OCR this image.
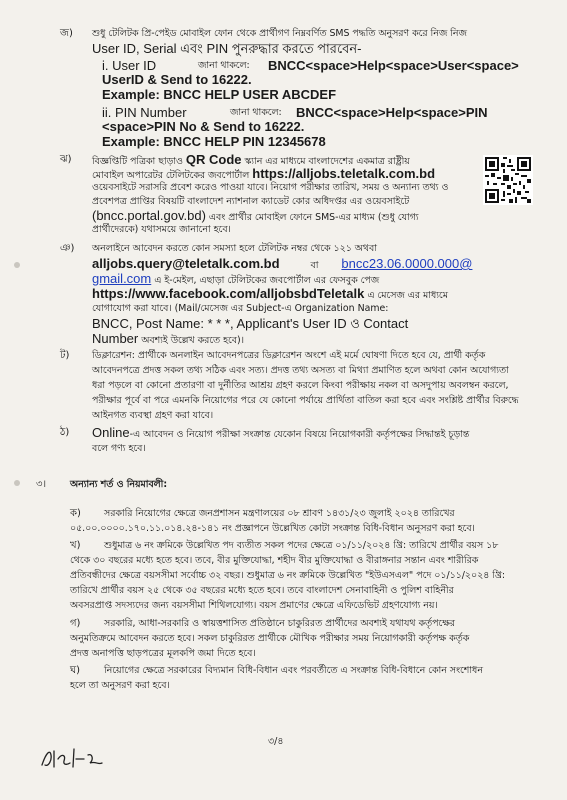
জ) শুধু টেলিটক প্রি-পেইড মোবাইল ফোন থেকে প্রার্থীগণ নিম্নবর্ণিত SMS পদ্ধতি অনুসরণ করে নিজ নিজ
User ID, Serial এবং PIN পুনরুদ্ধার করতে পারবেন-
i. User ID	জানা থাকলে: BNCC<space>Help<space>User<space>
UserID & Send to 16222.
Example: BNCC HELP USER ABCDEF
ii. PIN Number	জানা থাকলে: BNCC<space>Help<space>PIN
<space>PIN No & Send to 16222.
Example: BNCC HELP PIN 12345678
ঝ) বিজ্ঞপ্তিটি পত্রিকা ছাড়াও QR Code স্ক্যান এর মাধ্যমে বাংলাদেশের একমাত্র রাষ্ট্রীয়
মোবাইল অপারেটর টেলিটকের জবপোর্টাল https://alljobs.teletalk.com.bd
ওয়েবসাইটে সরাসরি প্রবেশ করেও পাওয়া যাবে। নিয়োগ পরীক্ষার তারিখ, সময় ও অন্যান্য তথ্য ও
প্রবেশপত্র প্রাপ্তির বিষয়টি বাংলাদেশ ন্যাশনাল ক্যাডেট কোর অধিদপ্তর এর ওয়েবসাইটে
(bncc.portal.gov.bd) এবং প্রার্থীর মোবাইল ফোনে SMS-এর মাধ্যম (শুধু যোগ্য
প্রার্থীদেরকে) যথাসময়ে জানানো হবে।
ঞ) অনলাইনে আবেদন করতে কোন সমস্যা হলে টেলিটক নম্বর থেকে ১২১ অথবা
alljobs.query@teletalk.com.bd	বা bncc23.06.0000.000@
gmail.com এ ই-মেইল, এছাড়া টেলিটকের জবপোর্টাল এর ফেসবুক পেজ
https://www.facebook.com/alljobsbdTeletalk এ মেসেজ এর মাধ্যমে
যোগাযোগ করা যাবে। (Mail/মেসেজ এর Subject-এ Organization Name:
BNCC, Post Name: * * *, Applicant's User ID ও Contact
Number অবশ্যই উল্লেখ করতে হবে)।
ট) ডিক্লারেশন: প্রার্থীকে অনলাইন আবেদনপত্রের ডিক্লারেশন অংশে এই মর্মে ঘোষণা দিতে হবে যে, প্রার্থী কর্তৃক
আবেদনপত্রে প্রদত্ত সকল তথ্য সঠিক এবং সত্য। প্রদত্ত তথ্য অসত্য বা মিথ্যা প্রমাণিত হলে অথবা কোন অযোগ্যতা
ধরা পড়লে বা কোনো প্রতারণা বা দুর্নীতির আশ্রয় গ্রহণ করলে কিংবা পরীক্ষায় নকল বা অসদুপায় অবলম্বন করলে,
পরীক্ষার পূর্বে বা পরে এমনকি নিয়োগের পরে যে কোনো পর্যায়ে প্রার্থিতা বাতিল করা হবে এবং সংশ্লিষ্ট প্রার্থীর বিরুদ্ধে
আইনগত ব্যবস্থা গ্রহণ করা যাবে।
ঠ) Online-এ আবেদন ও নিয়োগ পরীক্ষা সংক্রান্ত যেকোন বিষয়ে নিয়োগকারী কর্তৃপক্ষের সিদ্ধান্তই চূড়ান্ত
বলে গণ্য হবে।
৩।	অন্যান্য শর্ত ও নিয়মাবলী:
ক) সরকারি নিয়োগের ক্ষেত্রে জনপ্রশাসন মন্ত্রণালয়ের ০৮ শ্রাবণ ১৪৩১/২৩ জুলাই ২০২৪ তারিখের
০৫.০০.০০০০.১৭০.১১.০১৪.২৪-১৪১ নং প্রজ্ঞাপনে উল্লেখিত কোটা সংক্রান্ত বিধি-বিধান অনুসরণ করা হবে।
খ)	শুধুমাত্র ৬ নং ক্রমিকে উল্লেখিত পদ ব্যতীত সকল পদের ক্ষেত্রে ০১/১১/২০২৪ খ্রি: তারিখে প্রার্থীর বয়স ১৮
থেকে ৩০ বছরের মধ্যে হতে হবে। তবে, বীর মুক্তিযোদ্ধা, শহীদ বীর মুক্তিযোদ্ধা ও বীরাঙ্গনার সন্তান এবং শারীরিক
প্রতিবন্ধীদের ক্ষেত্রে বয়সসীমা সর্বোচ্চ ৩২ বছর। শুধুমাত্র ৬ নং ক্রমিকে উল্লেখিত "ইউএসএল" পদে ০১/১১/২০২৪ খ্রি:
তারিখে প্রার্থীর বয়স ২৫ থেকে ৩৫ বছরের মধ্যে হতে হবে। তবে বাংলাদেশ সেনাবাহিনী ও পুলিশ বাহিনীর
অবসরপ্রাপ্ত সদস্যদের জন্য বয়সসীমা শিথিলযোগ্য। বয়স প্রমাণের ক্ষেত্রে এফিডেভিট গ্রহণযোগ্য নয়।
গ)	সরকারি, আধা-সরকারি ও স্বায়ত্তশাসিত প্রতিষ্ঠানে চাকুরিরত প্রার্থীদের অবশ্যই যথাযথ কর্তৃপক্ষের
অনুমতিক্রমে আবেদন করতে হবে। সকল চাকুরিরত প্রার্থীকে মৌখিক পরীক্ষার সময় নিয়োগকারী কর্তৃপক্ষ কর্তৃক
প্রদত্ত অনাপত্তি ছাড়পত্রের মূলকপি জমা দিতে হবে।
ঘ)	নিয়োগের ক্ষেত্রে সরকারের বিদ্যমান বিধি-বিধান এবং পরবর্তীতে এ সংক্রান্ত বিধি-বিধানে কোন সংশোধন
হলে তা অনুসরণ করা হবে।
৩/৪
